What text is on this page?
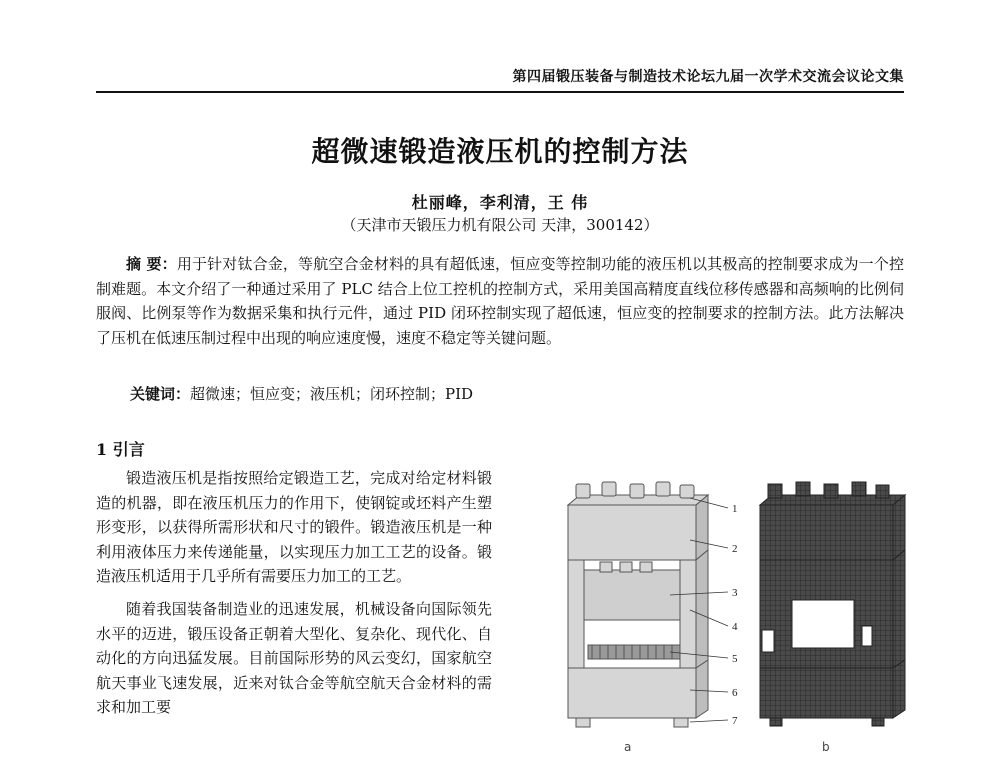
第四届锻压装备与制造技术论坛九届一次学术交流会议论文集
超微速锻造液压机的控制方法
杜丽峰，李利清，王 伟
（天津市天锻压力机有限公司 天津，300142）
摘 要：用于针对钛合金，等航空合金材料的具有超低速，恒应变等控制功能的液压机以其极高的控制要求成为一个控制难题。本文介绍了一种通过采用了 PLC 结合上位工控机的控制方式，采用美国高精度直线位移传感器和高频响的比例伺服阀、比例泵等作为数据采集和执行元件，通过 PID 闭环控制实现了超低速，恒应变的控制要求的控制方法。此方法解决了压机在低速压制过程中出现的响应速度慢，速度不稳定等关键问题。
关键词：超微速；恒应变；液压机；闭环控制；PID
1 引言

锻造液压机是指按照给定锻造工艺，完成对给定材料锻造的机器，即在液压机压力的作用下，使钢锭或坯料产生塑形变形，以获得所需形状和尺寸的锻件。锻造液压机是一种利用液体压力来传递能量，以实现压力加工工艺的设备。锻造液压机适用于几乎所有需要压力加工的工艺。

随着我国装备制造业的迅速发展，机械设备向国际领先水平的迈进，锻压设备正朝着大型化、复杂化、现代化、自动化的方向迅猛发展。目前国际形势的风云变幻，国家航空航天事业飞速发展，近来对钛合金等航空航天合金材料的需求和加工要

1
2
3
4
5
6
7
a	b
